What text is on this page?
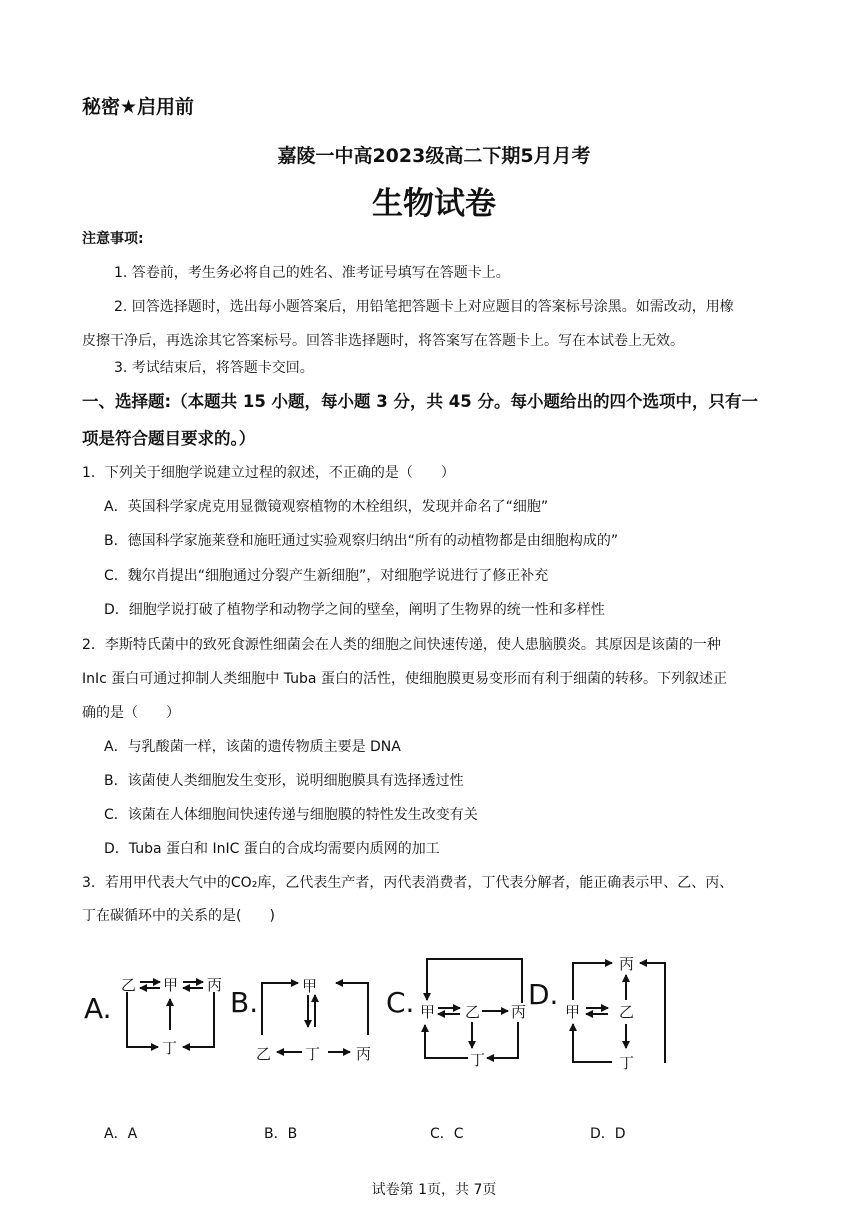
秘密★启用前
嘉陵一中高2023级高二下期5月月考
生物试卷
注意事项:
1. 答卷前，考生务必将自己的姓名、准考证号填写在答题卡上。
2. 回答选择题时，选出每小题答案后，用铅笔把答题卡上对应题目的答案标号涂黑。如需改动，用橡
皮擦干净后，再选涂其它答案标号。回答非选择题时，将答案写在答题卡上。写在本试卷上无效。
3. 考试结束后，将答题卡交回。
一、选择题:（本题共 15 小题，每小题 3 分，共 45 分。每小题给出的四个选项中，只有一
项是符合题目要求的。）
1．下列关于细胞学说建立过程的叙述，不正确的是（　　）
A．英国科学家虎克用显微镜观察植物的木栓组织，发现并命名了“细胞”
B．德国科学家施莱登和施旺通过实验观察归纳出“所有的动植物都是由细胞构成的”
C．魏尔肖提出“细胞通过分裂产生新细胞”，对细胞学说进行了修正补充
D．细胞学说打破了植物学和动物学之间的壁垒，阐明了生物界的统一性和多样性
2．李斯特氏菌中的致死食源性细菌会在人类的细胞之间快速传递，使人患脑膜炎。其原因是该菌的一种
InIc 蛋白可通过抑制人类细胞中 Tuba 蛋白的活性，使细胞膜更易变形而有利于细菌的转移。下列叙述正
确的是（　　）
A．与乳酸菌一样，该菌的遗传物质主要是 DNA
B．该菌使人类细胞发生变形，说明细胞膜具有选择透过性
C．该菌在人体细胞间快速传递与细胞膜的特性发生改变有关
D．Tuba 蛋白和 InIC 蛋白的合成均需要内质网的加工
3．若用甲代表大气中的CO₂库，乙代表生产者，丙代表消费者，丁代表分解者，能正确表示甲、乙、丙、
丁在碳循环中的关系的是(　　)
A.	B.	C.	D.
乙 甲 丙
丁
甲
乙 丁 丙
甲 乙 丙
丁
丙
甲	乙
丁
A．A	B．B	C．C	D．D
试卷第 1页，共 7页
